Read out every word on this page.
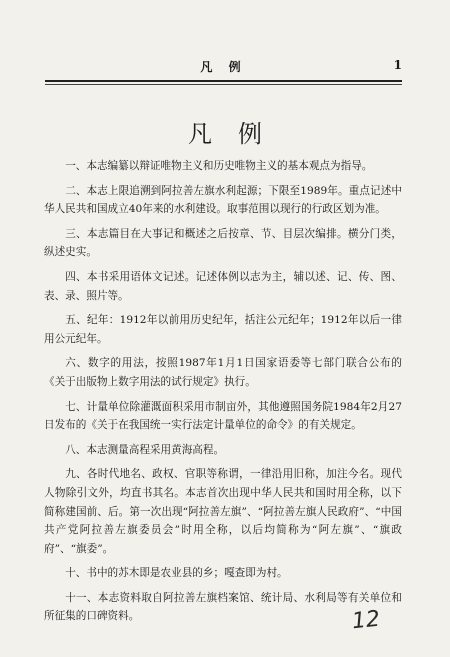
凡 例	1
凡例

一、本志编纂以辩证唯物主义和历史唯物主义的基本观点为指导。

二、本志上限追溯到阿拉善左旗水利起源；下限至1989年。重点记述中华人民共和国成立40年来的水利建设。取事范围以现行的行政区划为准。

三、本志篇目在大事记和概述之后按章、节、目层次编排。横分门类，纵述史实。

四、本书采用语体文记述。记述体例以志为主，辅以述、记、传、图、表、录、照片等。

五、纪年：1912年以前用历史纪年，括注公元纪年；1912年以后一律用公元纪年。

六、数字的用法，按照1987年1月1日国家语委等七部门联合公布的《关于出版物上数字用法的试行规定》执行。

七、计量单位除灌溉面积采用市制亩外，其他遵照国务院1984年2月27日发布的《关于在我国统一实行法定计量单位的命令》的有关规定。

八、本志测量高程采用黄海高程。

九、各时代地名、政权、官职等称谓，一律沿用旧称，加注今名。现代人物除引文外，均直书其名。本志首次出现中华人民共和国时用全称，以下简称建国前、后。第一次出现“阿拉善左旗”、“阿拉善左旗人民政府”、“中国共产党阿拉善左旗委员会”时用全称，以后均简称为“阿左旗”、“旗政府”、“旗委”。

十、书中的苏木即是农业县的乡；嘎查即为村。

十一、本志资料取自阿拉善左旗档案馆、统计局、水利局等有关单位和所征集的口碑资料。	12
